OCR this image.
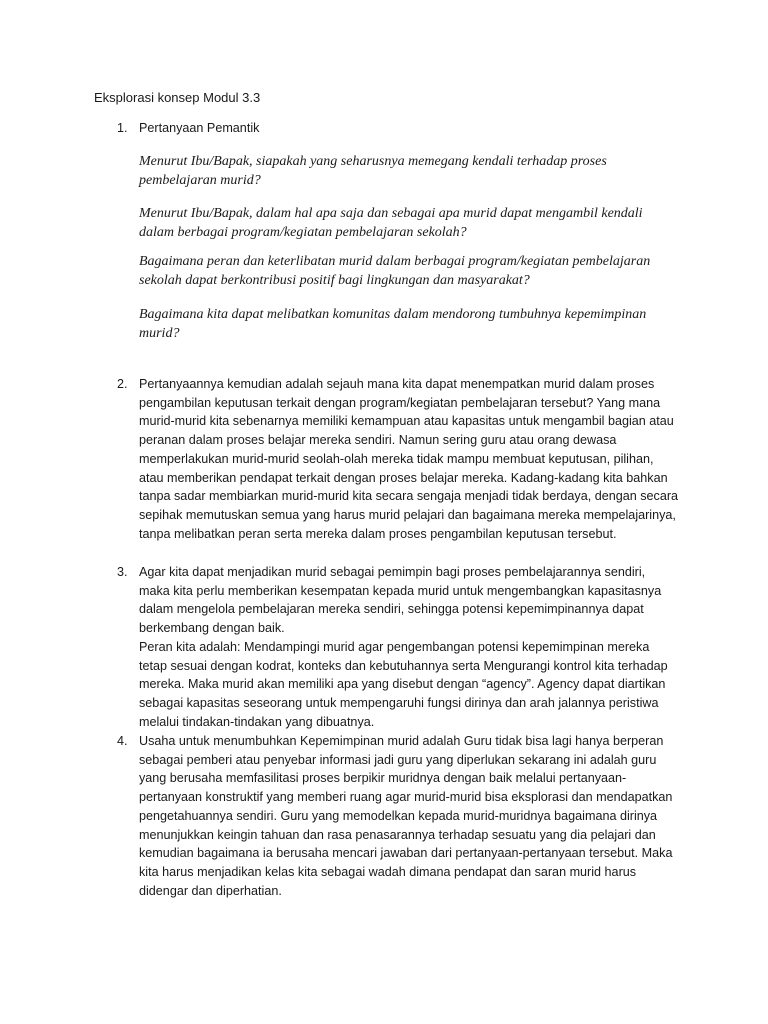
Eksplorasi konsep Modul 3.3
1. Pertanyaan Pemantik

Menurut Ibu/Bapak, siapakah yang seharusnya memegang kendali terhadap proses pembelajaran murid?

Menurut Ibu/Bapak, dalam hal apa saja dan sebagai apa murid dapat mengambil kendali dalam berbagai program/kegiatan pembelajaran sekolah?

Bagaimana peran dan keterlibatan murid dalam berbagai program/kegiatan pembelajaran sekolah dapat berkontribusi positif bagi lingkungan dan masyarakat?

Bagaimana kita dapat melibatkan komunitas dalam mendorong tumbuhnya kepemimpinan murid?

2. Pertanyaannya kemudian adalah sejauh mana kita dapat menempatkan murid dalam proses pengambilan keputusan terkait dengan program/kegiatan pembelajaran tersebut? Yang mana murid-murid kita sebenarnya memiliki kemampuan atau kapasitas untuk mengambil bagian atau peranan dalam proses belajar mereka sendiri. Namun sering guru atau orang dewasa memperlakukan murid-murid seolah-olah mereka tidak mampu membuat keputusan, pilihan, atau memberikan pendapat terkait dengan proses belajar mereka. Kadang-kadang kita bahkan tanpa sadar membiarkan murid-murid kita secara sengaja menjadi tidak berdaya, dengan secara sepihak memutuskan semua yang harus murid pelajari dan bagaimana mereka mempelajarinya, tanpa melibatkan peran serta mereka dalam proses pengambilan keputusan tersebut.

3. Agar kita dapat menjadikan murid sebagai pemimpin bagi proses pembelajarannya sendiri, maka kita perlu memberikan kesempatan kepada murid untuk mengembangkan kapasitasnya dalam mengelola pembelajaran mereka sendiri, sehingga potensi kepemimpinannya dapat berkembang dengan baik.

Peran kita adalah: Mendampingi murid agar pengembangan potensi kepemimpinan mereka tetap sesuai dengan kodrat, konteks dan kebutuhannya serta Mengurangi kontrol kita terhadap mereka. Maka murid akan memiliki apa yang disebut dengan “agency”. Agency dapat diartikan sebagai kapasitas seseorang untuk mempengaruhi fungsi dirinya dan arah jalannya peristiwa melalui tindakan-tindakan yang dibuatnya.

4. Usaha untuk menumbuhkan Kepemimpinan murid adalah Guru tidak bisa lagi hanya berperan sebagai pemberi atau penyebar informasi jadi guru yang diperlukan sekarang ini adalah guru yang berusaha memfasilitasi proses berpikir muridnya dengan baik melalui pertanyaan-pertanyaan konstruktif yang memberi ruang agar murid-murid bisa eksplorasi dan mendapatkan pengetahuannya sendiri. Guru yang memodelkan kepada murid-muridnya bagaimana dirinya menunjukkan keingin tahuan dan rasa penasarannya terhadap sesuatu yang dia pelajari dan kemudian bagaimana ia berusaha mencari jawaban dari pertanyaan-pertanyaan tersebut. Maka kita harus menjadikan kelas kita sebagai wadah dimana pendapat dan saran murid harus didengar dan diperhatian.
